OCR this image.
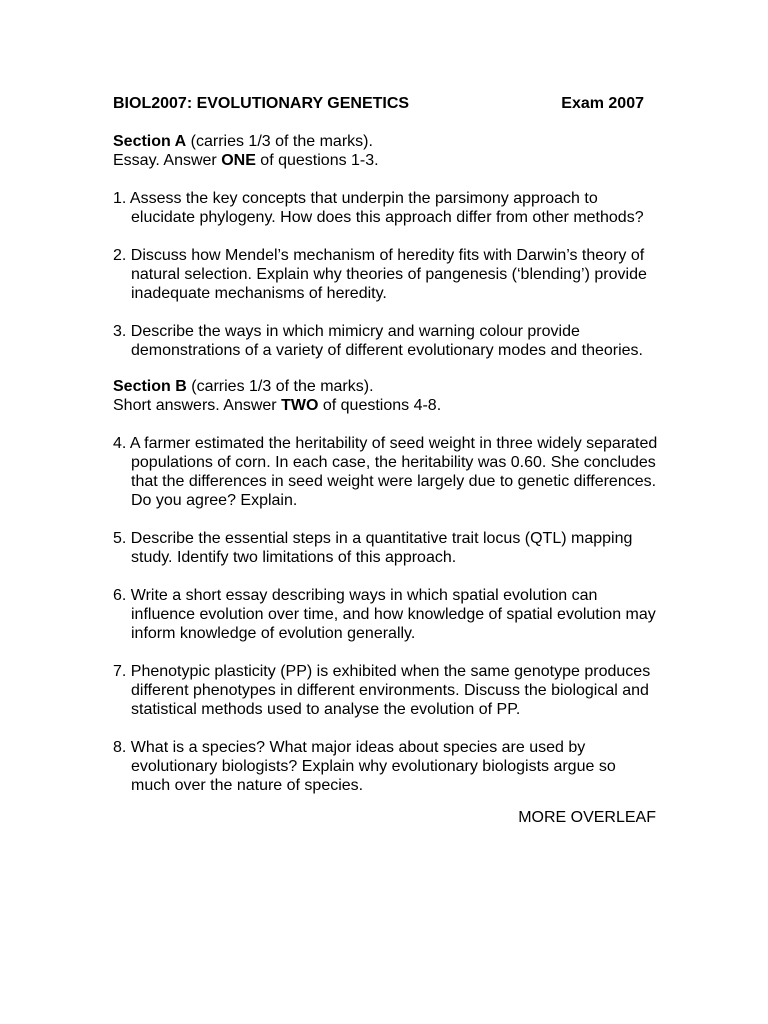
BIOL2007: EVOLUTIONARY GENETICS	Exam 2007
Section A (carries 1/3 of the marks).
Essay. Answer ONE of questions 1-3.
1. Assess the key concepts that underpin the parsimony approach to elucidate phylogeny. How does this approach differ from other methods?
2. Discuss how Mendel’s mechanism of heredity fits with Darwin’s theory of natural selection. Explain why theories of pangenesis (‘blending’) provide inadequate mechanisms of heredity.
3. Describe the ways in which mimicry and warning colour provide demonstrations of a variety of different evolutionary modes and theories.
Section B (carries 1/3 of the marks).
Short answers. Answer TWO of questions 4-8.
4. A farmer estimated the heritability of seed weight in three widely separated populations of corn. In each case, the heritability was 0.60. She concludes that the differences in seed weight were largely due to genetic differences. Do you agree? Explain.
5. Describe the essential steps in a quantitative trait locus (QTL) mapping study. Identify two limitations of this approach.
6. Write a short essay describing ways in which spatial evolution can influence evolution over time, and how knowledge of spatial evolution may inform knowledge of evolution generally.
7. Phenotypic plasticity (PP) is exhibited when the same genotype produces different phenotypes in different environments. Discuss the biological and statistical methods used to analyse the evolution of PP.
8. What is a species? What major ideas about species are used by evolutionary biologists? Explain why evolutionary biologists argue so much over the nature of species.
MORE OVERLEAF
